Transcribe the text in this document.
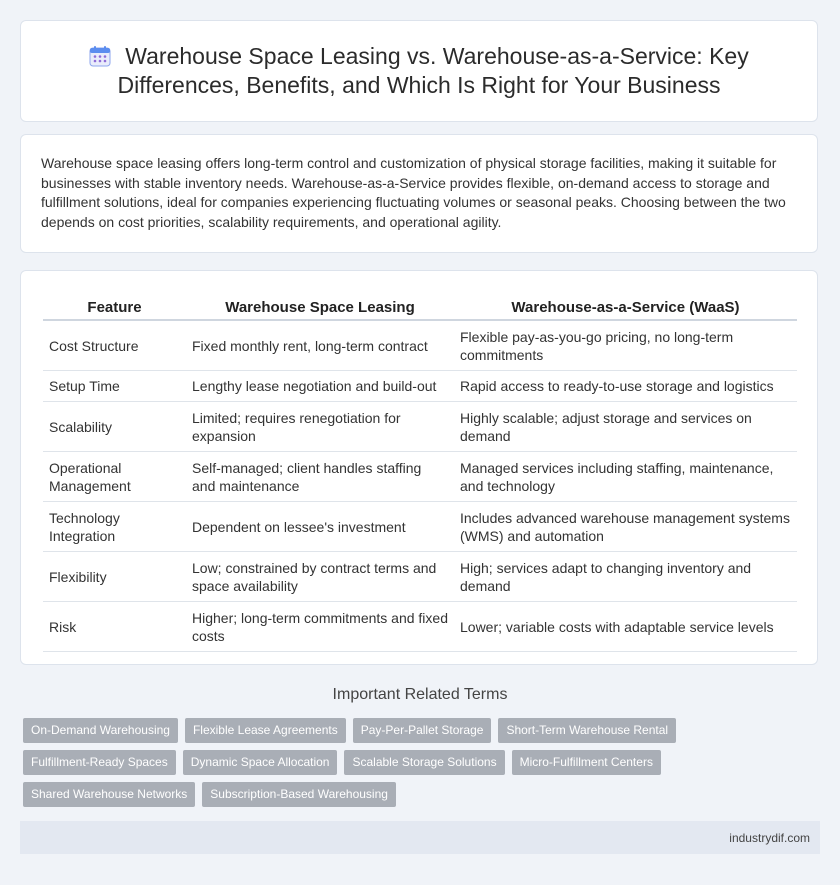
Warehouse Space Leasing vs. Warehouse-as-a-Service: Key Differences, Benefits, and Which Is Right for Your Business

Warehouse space leasing offers long-term control and customization of physical storage facilities, making it suitable for businesses with stable inventory needs. Warehouse-as-a-Service provides flexible, on-demand access to storage and fulfillment solutions, ideal for companies experiencing fluctuating volumes or seasonal peaks. Choosing between the two depends on cost priorities, scalability requirements, and operational agility.

Feature	Warehouse Space Leasing	Warehouse-as-a-Service (WaaS)
Cost Structure	Fixed monthly rent, long-term contract	Flexible pay-as-you-go pricing, no long-term commitments
Setup Time	Lengthy lease negotiation and build-out	Rapid access to ready-to-use storage and logistics
Scalability	Limited; requires renegotiation for expansion	Highly scalable; adjust storage and services on demand
Operational Management	Self-managed; client handles staffing and maintenance	Managed services including staffing, maintenance, and technology
Technology Integration	Dependent on lessee's investment	Includes advanced warehouse management systems (WMS) and automation
Flexibility	Low; constrained by contract terms and space availability	High; services adapt to changing inventory and demand
Risk	Higher; long-term commitments and fixed costs	Lower; variable costs with adaptable service levels
Important Related Terms
On-Demand Warehousing	Flexible Lease Agreements	Pay-Per-Pallet Storage	Short-Term Warehouse Rental
Fulfillment-Ready Spaces	Dynamic Space Allocation	Scalable Storage Solutions	Micro-Fulfillment Centers
Shared Warehouse Networks	Subscription-Based Warehousing
industrydif.com
